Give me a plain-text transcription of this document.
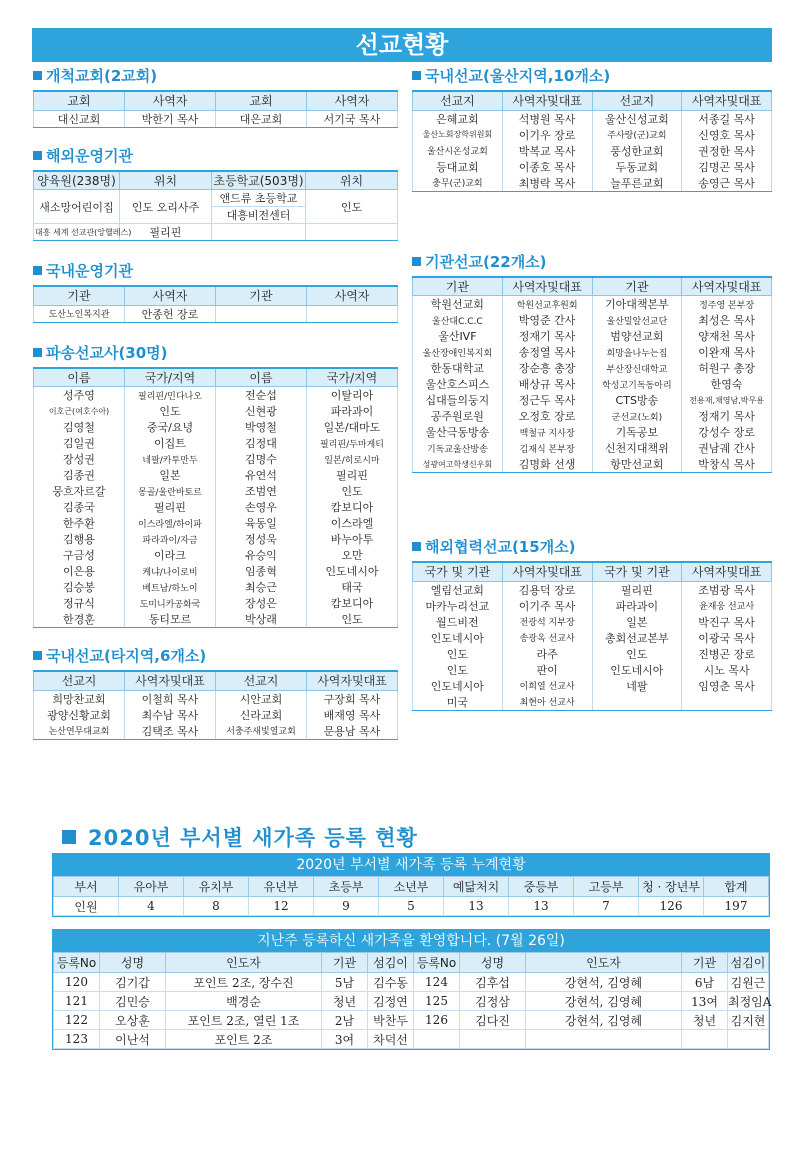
선교현황
개척교회(2교회)
교회	사역자	교회	사역자
대신교회	박한기 목사	대은교회	서기국 목사
해외운영기관
양육원(238명)	위치	초등학교(503명)	위치
새소망어린이집	인도 오리사주	앤드류 초등학교	인도
		대흥비전센터	
대흥 세계 선교관(앙헬레스)	필리핀		
국내운영기관
기관	사역자	기관	사역자
도산노인복지관	안종헌 장로		
파송선교사(30명)
이름	국가/지역	이름	국가/지역
성주영	필리핀/민다나오	전순섭	이탈리아
이호근(여호수아)	인도	신현광	파라과이
김영철	중국/요녕	박영철	일본/대마도
김일권	이집트	김정대	필리핀/두마게티
장성권	네팔/카투만두	김명수	일본/히로시마
김종권	일본	유연석	필리핀
뭉흐자르갈	몽골/울란바토르	조범연	인도
김종국	필리핀	손영우	캄보디아
한주환	이스라엘/하이파	육동일	이스라엘
김행용	파라과이/자금	정성욱	바누아투
구금성	이라크	유승익	오만
이은용	케냐/나이로비	임종혁	인도네시아
김승봉	베트남/하노이	최승근	태국
정규식	도미니카공화국	장성은	캄보디아
한경훈	동티모르	박상래	인도
국내선교(타지역,6개소)
선교지	사역자및대표	선교지	사역자및대표
희망찬교회	이철희 목사	시안교회	구장회 목사
광양신황교회	최수남 목사	신라교회	배재영 목사
논산연무대교회	김택조 목사	서충주새빛열교회	문용남 목사
국내선교(울산지역,10개소)
선교지	사역자및대표	선교지	사역자및대표
은혜교회	석병원 목사	울산신성교회	서종길 목사
울산노회장학위원회	이기우 장로	주사랑(군)교회	신영호 목사
울산시온성교회	박복교 목사	풍성한교회	권정한 목사
등대교회	이종호 목사	두동교회	김명곤 목사
충무(군)교회	최병락 목사	늘푸른교회	송영근 목사
기관선교(22개소)
기관	사역자및대표	기관	사역자및대표
학원선교회	학원선교후원회	기아대책본부	정주영 본부장
울산대C.C.C	박영준 간사	울산밀알선교단	최성은 목사
울산IVF	정재기 목사	범양선교회	양재천 목사
울산장애인복지회	송정열 목사	희망을나누는집	이완재 목사
한동대학교	장순흥 총장	부산장신대학교	허원구 총장
울산호스피스	배상규 목사	학성고기독동아리	한영숙
십대들의둥지	정근두 목사	CTS방송	전용재,채영남,박무용
공주원로원	오정호 장로	군선교(노회)	정재기 목사
울산극동방송	백철규 지사장	기독공보	강성수 장로
기독교울산방송	김재식 본부장	신천지대책위	권남궤 간사
성광여고학생신우회	김명화 선생	항만선교회	박창식 목사
해외협력선교(15개소)
국가 및 기관	사역자및대표	국가 및 기관	사역자및대표
엘림선교회	김용덕 장로	필리핀	조범광 목사
마카누리선교	이기주 목사	파라과이	윤재웅 선교사
월드비전	전광석 지부장	일본	박진구 목사
인도네시아	송광옥 선교사	총회선교본부	이광국 목사
인도	라주	인도	진병곤 장로
인도	판이	인도네시아	시노 목사
인도네시아	이희열 선교사	네팔	임영춘 목사
미국	최현아 선교사		
2020년 부서별 새가족 등록 현황
2020년 부서별 새가족 등록 누계현황
부서	유아부	유치부	유년부	초등부	소년부	예닮처치	중등부	고등부	청 · 장년부	합계
인원	4	8	12	9	5	13	13	7	126	197
지난주 등록하신 새가족을 환영합니다. (7월 26일)
등록No	성명	인도자	기관	섬김이	등록No	성명	인도자	기관	섬김이
120	김기갑	포인트 2조, 장수진	5남	김수동	124	김후섭	강현석, 김영혜	6남	김원근
121	김민승	백경순	청년	김정연	125	김정삼	강현석, 김영혜	13여	최정임A
122	오상훈	포인트 2조, 열린 1조	2남	박찬두	126	김다진	강현석, 김영혜	청년	김지현
123	이난석	포인트 2조	3여	차덕선					
